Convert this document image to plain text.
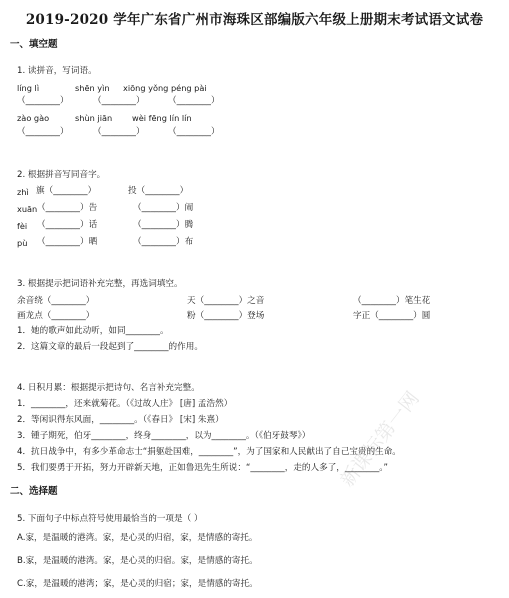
2019-2020 学年广东省广州市海珠区部编版六年级上册期末考试语文试卷
一、填空题
1. 读拼音，写词语。
líng lì	shēn yìn xiōng yǒng péng pài
（________）	（________）	（________）
zào gào	shùn jiān wèi fēng lín lín
（________）	（________）	（________）
2. 根据拼音写同音字。
zhì 旗（________）	投（________）
xuān （________）告	（________）闹
fèi （________）话	（________）腾
pù （________）晒	（________）布
3. 根据提示把词语补充完整，再选词填空。
余音绕（________）	天（________）之音	（________）笔生花
画龙点（________）	粉（________）登场	字正（________）圆
1．她的歌声如此动听，如同________。
2．这篇文章的最后一段起到了________的作用。
4. 日积月累：根据提示把诗句、名言补充完整。
1．________，还来就菊花。（《过故人庄》 [唐] 孟浩然）
2．等闲识得东风面，________。（《春日》 [宋] 朱熹）
3．锺子期死，伯牙________，终身________，以为________。（《伯牙鼓琴》）
4．抗日战争中，有多少革命志士“捐躯赴国难，________”，为了国家和人民献出了自己宝贵的生命。
5．我们要勇于开拓，努力开辟新天地，正如鲁迅先生所说：“________，走的人多了，________。”
二、选择题
5. 下面句子中标点符号使用最恰当的一项是（ ）
A.家，是温暖的港湾。家，是心灵的归宿，家，是情感的寄托。
B.家，是温暖的港湾。家，是心灵的归宿。家，是情感的寄托。
C.家，是温暖的港湾；家，是心灵的归宿；家，是情感的寄托。
新课标第一网
